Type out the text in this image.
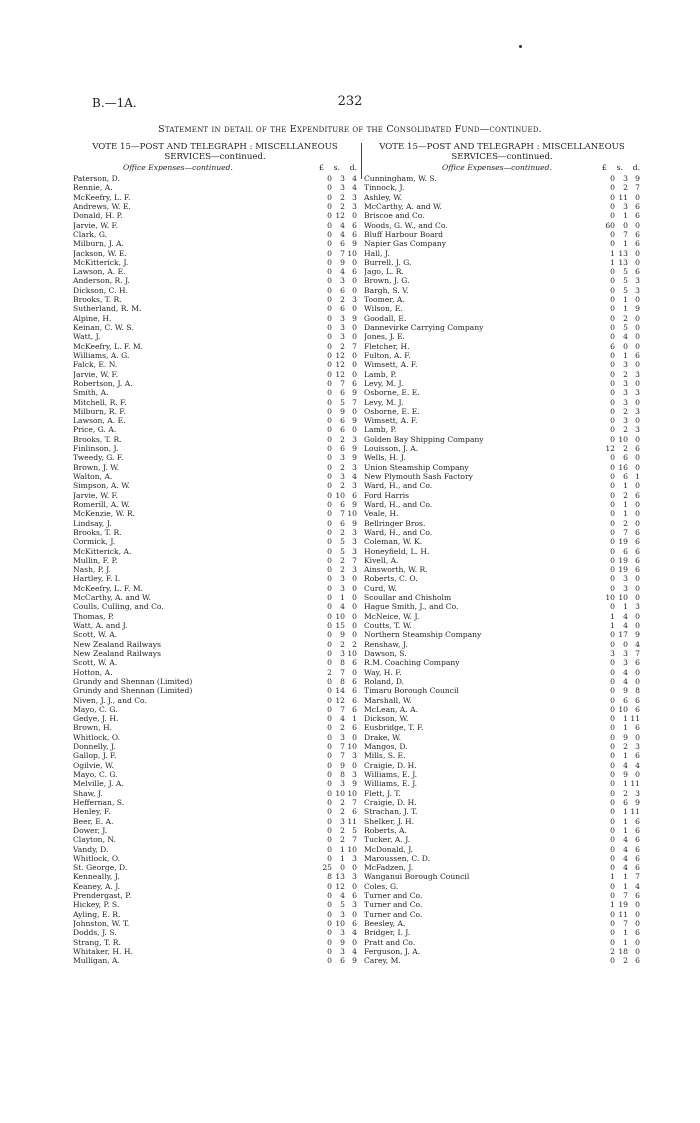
B.—1A.	232
Statement in detail of the Expenditure of the Consolidated Fund—continued.
VOTE 15—POST AND TELEGRAPH : MISCELLANEOUS SERVICES—continued.
Office Expenses—continued.	£ s. d.
Paterson, D.	0	3 4
Rennie, A.	0	3 4
McKeefry, L. F.	0	2 3
Andrews, W. E.	0	2 3
Donald, H. P.	0 12 0
Jarvie, W. F.	0	4 6
Clark, G.	0	4 6
Milburn, J. A.	0	6 9
Jackson, W. E.	0	7 10
McKitterick, J.	0	9 0
Lawson, A. E.	0	4 6
Anderson, R. J.	0	3 0
Dickson, C. H.	0	6 0
Brooks, T. R.	0	2 3
Sutherland, R. M.	0	6 0
Alpine, H.	0	3 9
Keinan, C. W. S.	0	3 0
Watt, J.	0	3 0
McKeefry, L. F. M.	0	2 7
Williams, A. G.	0 12 0
Falck, E. N.	0 12 0
Jarvie, W. F.	0 12 0
Robertson, J. A.	0	7 6
Smith, A.	0	6 9
Mitchell, R. F.	0	5 7
Milburn, R. F.	0	9 0
Lawson, A. E.	0	6 9
Price, G. A.	0	6 0
Brooks, T. R.	0	2 3
Finlinson, J.	0	6 9
Tweedy, G. F.	0	3 9
Brown, J. W.	0	2 3
Walton, A.	0	3 4
Simpson, A. W.	0	2 3
Jarvie, W. F.	0 10 6
Romerill, A. W.	0	6 9
McKenzie, W. R.	0	7 10
Lindsay, J.	0	6 9
Brooks, T. R.	0	2 3
Cormick, J.	0	5 3
McKitterick, A.	0	5 3
Mullin, F. P.	0	2 7
Nash, P. J.	0	2 3
Hartley, F. I.	0	3 0
McKeefry, L. F. M.	0	3 0
McCarthy, A. and W.	0	1 0
Coulls, Culling, and Co.	0	4 0
Thomas, P.	0 10 0
Watt, A. and J.	0 15 0
Scott, W. A.	0	9 0
New Zealand Railways	0	2 2
New Zealand Railways	0	3 10
Scott, W. A.	0	8 6
Hotton, A.	2	7 0
Grundy and Shennan (Limited)	0	8 6
Grundy and Shennan (Limited)	0 14 6
Niven, J. J., and Co.	0 12 6
Mayo, C. G.	0	7 6
Gedye, J. H.	0	4 1
Brown, H.	0	2 6
Whitlock, O.	0	3 0
Donnelly, J.	0	7 10
Gallop, J. F.	0	7 3
Ogilvie, W.	0	9 0
Mayo, C. G.	0	8 3
Melville, J. A.	0	3 9
Shaw, J.	0 10 10
Heffernan, S.	0	2 7
Henley, F.	0	2 6
Beer, E. A.	0	3 11
Dower, J.	0	2 5
Clayton, N.	0	2 7
Vandy, D.	0	1 10
Whitlock, O.	0	1 3
St. George, D.	25	0 0
Kenneally, J.	8 13 3
Keaney, A. J.	0 12 0
Prendergast, P.	0	4 6
Hickey, P. S.	0	5 3
Ayling, E. R.	0	3 0
Johnston, W. T.	0 10 6
Dodds, J. S.	0	3 4
Strang, T. R.	0	9 0
Whitaker, H. H.	0	3 4
Mulligan, A.	0	6 9
VOTE 15—POST AND TELEGRAPH : MISCELLANEOUS SERVICES—continued.
Office Expenses—continued.	£ s. d.
Cunningham, W. S.	0	3 9
Tinnock, J.	0	2 7
Ashley, W.	0 11 0
McCarthy, A. and W.	0	3 6
Briscoe and Co.	0	1 6
Woods, G. W., and Co.	60	0 0
Bluff Harbour Board	0	7 6
Napier Gas Company	0	1 6
Hall, J.	1 13 0
Burrell, J. G.	1 13 0
Jago, L. R.	0	5 6
Brown, J. G.	0	5 3
Bargh, S. V.	0	5 3
Toomer, A.	0	1 0
Wilson, E.	0	1 9
Goodall, E.	0	2 0
Dannevirke Carrying Company	0	5 0
Jones, J. E.	0	4 0
Fletcher, H.	6	0 0
Fulton, A. F.	0	1 6
Wimsett, A. F.	0	3 0
Lamb, P.	0	2 3
Levy, M. J.	0	3 0
Osborne, E. E.	0	3 3
Levy, M. J.	0	3 0
Osborne, E. E.	0	2 3
Wimsett, A. F.	0	3 0
Lamb, P.	0	2 3
Golden Bay Shipping Company	0 10 0
Louisson, J. A.	12	2 6
Wells, H. J.	0	6 0
Union Steamship Company	0 16 0
New Plymouth Sash Factory	0	6 1
Ward, H., and Co.	0	1 0
Ford Harris	0	2 6
Ward, H., and Co.	0	1 0
Veale, H.	0	1 0
Bellringer Bros.	0	2 0
Ward, H., and Co.	0	7 6
Coleman, W. K.	0 19 6
Honeyfield, L. H.	0	6 6
Kivell, A.	0 19 6
Ainsworth, W. R.	0 19 6
Roberts, C. O.	0	3 0
Curd, W.	0	3 0
Scoullar and Chisholm	10 10 0
Hague Smith, J., and Co.	0	1 3
McNeice, W. J.	1	4 0
Coutts, T. W.	1	4 0
Northern Steamship Company	0 17 9
Renshaw, J.	0	0 4
Dawson, S.	3	3 7
R.M. Coaching Company	0	3 6
Way, H. F.	0	4 0
Roland, D.	0	4 0
Timaru Borough Council	0	9 8
Marshall, W.	0	6 6
McLean, A. A.	0 10 6
Dickson, W.	0	1 11
Eusbridge, T. F.	0	1 6
Drake, W.	0	9 0
Mangos, D.	0	2 3
Mills, S. E.	0	1 6
Craigie, D. H.	0	4 4
Williams, E. J.	0	9 0
Williams, E. J.	0	1 11
Flett, J. T.	0	2 3
Craigie, D. H.	0	6 9
Strachan, J. T.	0	1 11
Shelker, J. H.	0	1 6
Roberts, A.	0	1 6
Tucker, A. J.	0	4 6
McDonald, J.	0	4 6
Maroussen, C. D.	0	4 6
McFadzen, J.	0	4 6
Wanganui Borough Council	1	1 7
Coles, G.	0	1 4
Turner and Co.	0	7 6
Turner and Co.	1 19 0
Turner and Co.	0 11 0
Beesley, A.	0	7 0
Bridger, I. J.	0	1 6
Pratt and Co.	0	1 0
Ferguson, J. A.	2 18 0
Carey, M.	0	2 6
